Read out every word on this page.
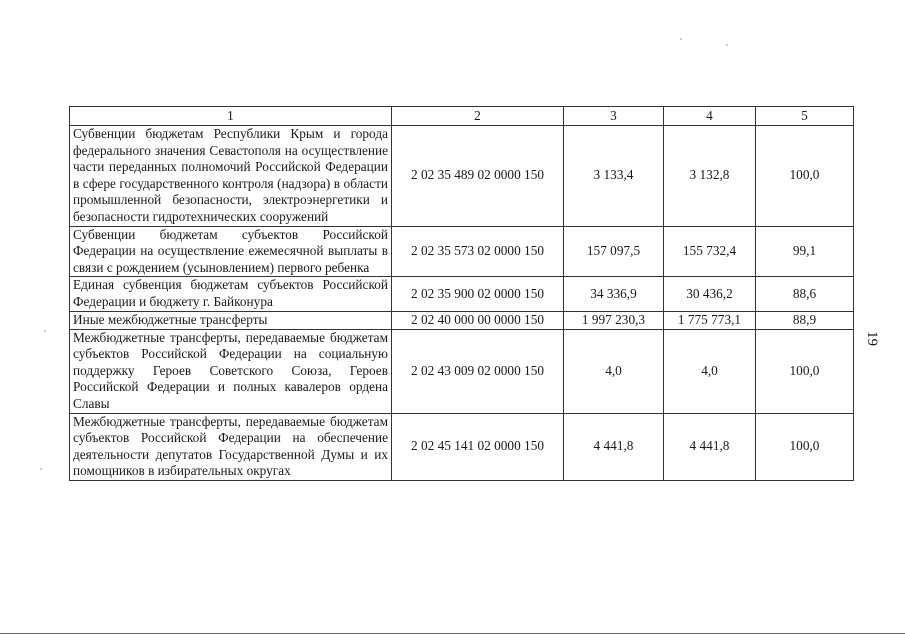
19
1	2	3	4	5
Субвенции бюджетам Республики Крым и города федерального значения Севастополя на осуществление части переданных полномочий Российской Федерации в сфере государственного контроля (надзора) в области промышленной безопасности, электроэнергетики и безопасности гидротехнических сооружений	2 02 35 489 02 0000 150	3 133,4	3 132,8	100,0
Субвенции бюджетам субъектов Российской Федерации на осуществление ежемесячной выплаты в связи с рождением (усыновлением) первого ребенка	2 02 35 573 02 0000 150	157 097,5	155 732,4	99,1
Единая субвенция бюджетам субъектов Российской Федерации и бюджету г. Байконура	2 02 35 900 02 0000 150	34 336,9	30 436,2	88,6
Иные межбюджетные трансферты	2 02 40 000 00 0000 150	1 997 230,3	1 775 773,1	88,9
Межбюджетные трансферты, передаваемые бюджетам субъектов Российской Федерации на социальную поддержку Героев Советского Союза, Героев Российской Федерации и полных кавалеров ордена Славы	2 02 43 009 02 0000 150	4,0	4,0	100,0
Межбюджетные трансферты, передаваемые бюджетам субъектов Российской Федерации на обеспечение деятельности депутатов Государственной Думы и их помощников в избирательных округах	2 02 45 141 02 0000 150	4 441,8	4 441,8	100,0
